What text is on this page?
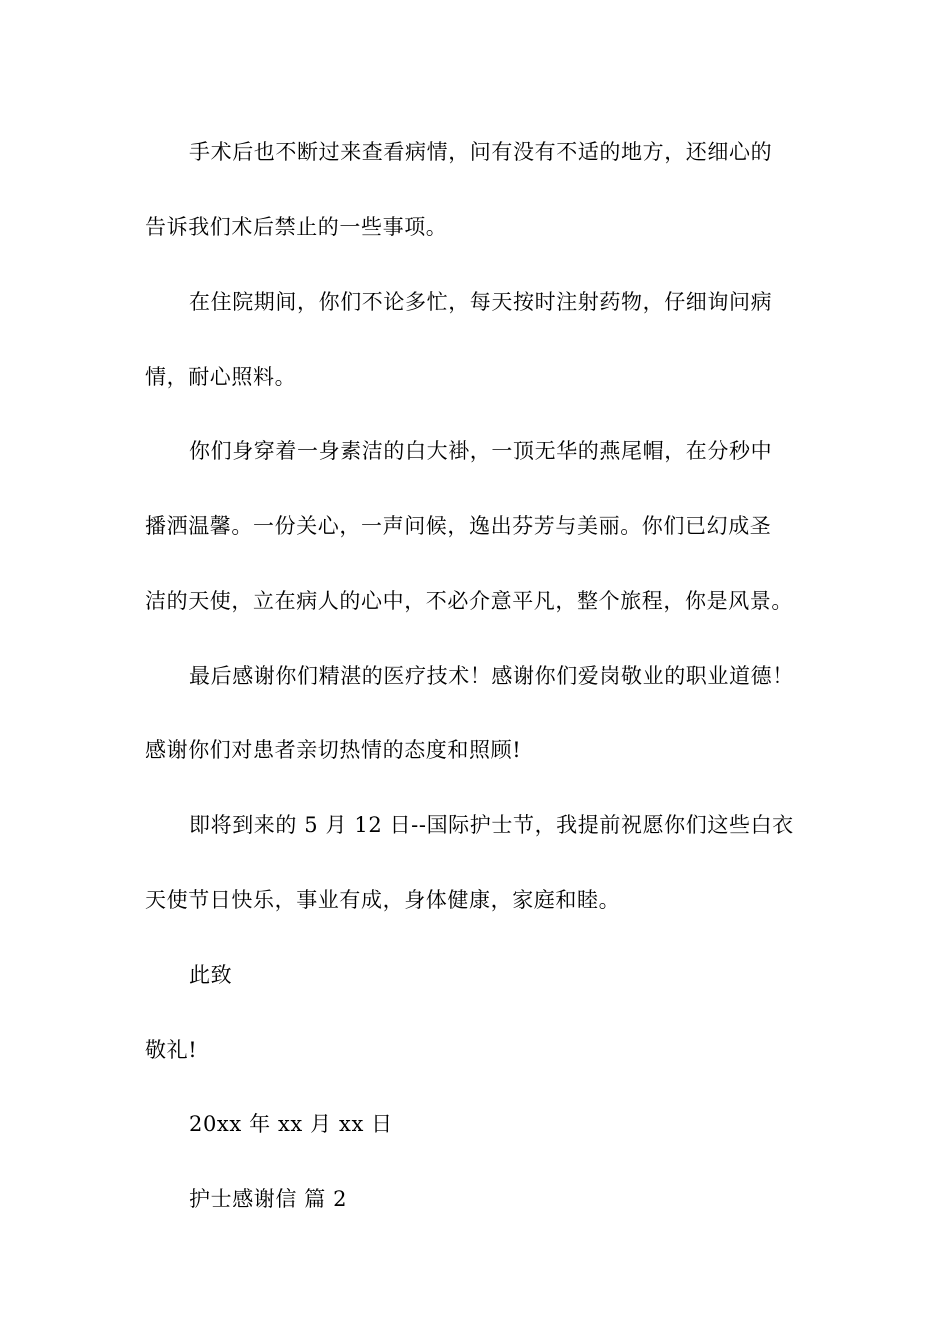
手术后也不断过来查看病情，问有没有不适的地方，还细心的
告诉我们术后禁止的一些事项。
在住院期间，你们不论多忙，每天按时注射药物，仔细询问病
情，耐心照料。
你们身穿着一身素洁的白大褂，一顶无华的燕尾帽，在分秒中
播洒温馨。一份关心，一声问候，逸出芬芳与美丽。你们已幻成圣
洁的天使，立在病人的心中，不必介意平凡，整个旅程，你是风景。
最后感谢你们精湛的医疗技术！感谢你们爱岗敬业的职业道德！
感谢你们对患者亲切热情的态度和照顾!
即将到来的 5 月 12 日--国际护士节，我提前祝愿你们这些白衣
天使节日快乐，事业有成，身体健康，家庭和睦。
此致
敬礼!
20xx 年 xx 月 xx 日
护士感谢信 篇 2
